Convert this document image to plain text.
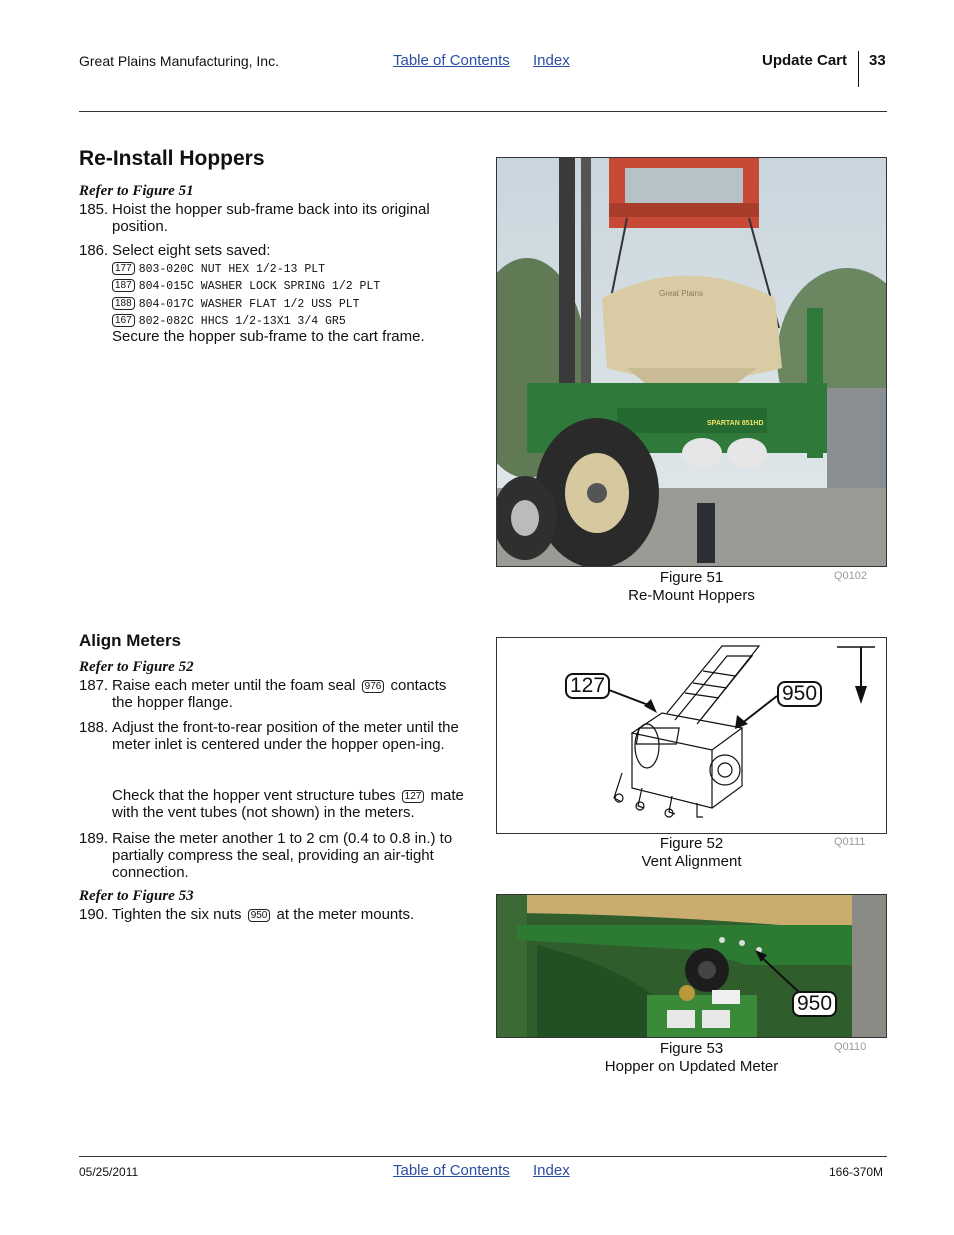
Great Plains Manufacturing, Inc.	Table of Contents Index	Update Cart 33
Re-Install Hoppers
Refer to Figure 51
185. Hoist the hopper sub-frame back into its original position.
186. Select eight sets saved:
177 803-020C NUT HEX 1/2-13 PLT
187 804-015C WASHER LOCK SPRING 1/2 PLT
188 804-017C WASHER FLAT 1/2 USS PLT
167 802-082C HHCS 1/2-13X1 3/4 GR5
Secure the hopper sub-frame to the cart frame.
Great Plains
SPARTAN 851HD
Figure 51
Re-Mount Hoppers
Q0102
Align Meters
Refer to Figure 52
187. Raise each meter until the foam seal 976 contacts the hopper flange.
188. Adjust the front-to-rear position of the meter until the meter inlet is centered under the hopper open-ing.
Check that the hopper vent structure tubes 127 mate with the vent tubes (not shown) in the meters.
189. Raise the meter another 1 to 2 cm (0.4 to 0.8 in.) to partially compress the seal, providing an air-tight connection.
Refer to Figure 53
190. Tighten the six nuts 950 at the meter mounts.
127	950
Figure 52
Vent Alignment
Q0111
950
Figure 53
Hopper on Updated Meter
Q0110
05/25/2011	Table of Contents Index	166-370M
